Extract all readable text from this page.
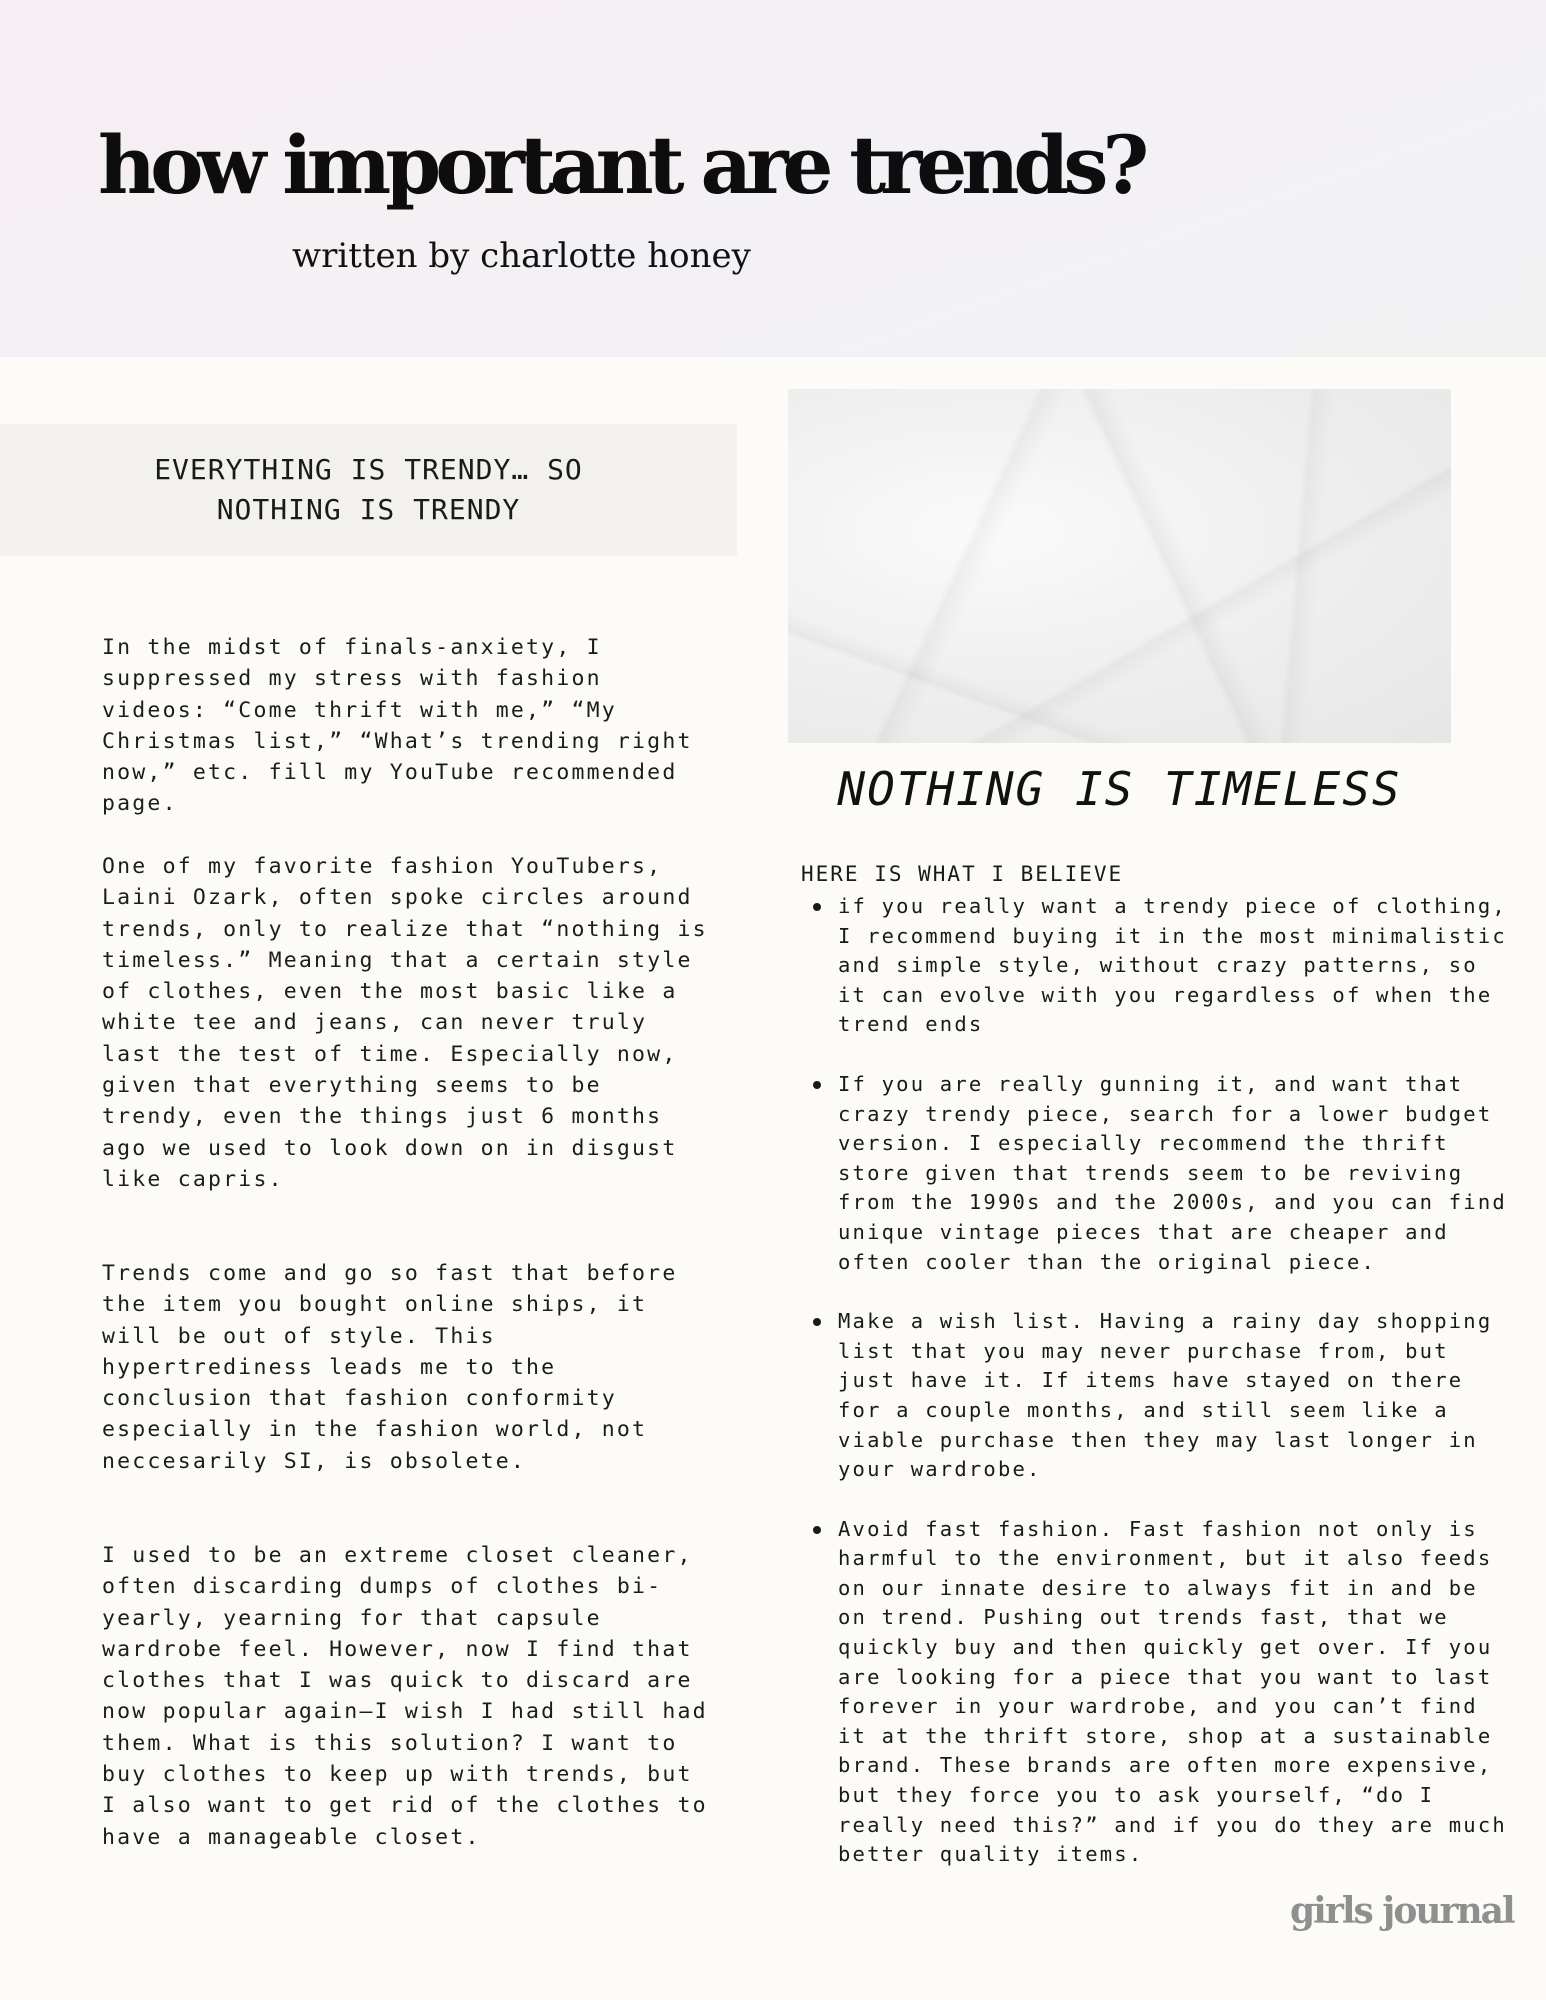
how important are trends?
written by charlotte honey
EVERYTHING IS TRENDY… SO
NOTHING IS TRENDY

In the midst of finals-anxiety, I suppressed my stress with fashion videos: “Come thrift with me,” “My Christmas list,” “What’s trending right now,” etc. fill my YouTube recommended page.

One of my favorite fashion YouTubers, Laini Ozark, often spoke circles around trends, only to realize that “nothing is timeless.” Meaning that a certain style of clothes, even the most basic like a white tee and jeans, can never truly last the test of time. Especially now, given that everything seems to be trendy, even the things just 6 months ago we used to look down on in disgust like capris.

Trends come and go so fast that before the item you bought online ships, it will be out of style. This hypertrediness leads me to the conclusion that fashion conformity especially in the fashion world, not neccesarily SI, is obsolete.

I used to be an extreme closet cleaner, often discarding dumps of clothes bi-yearly, yearning for that capsule wardrobe feel. However, now I find that clothes that I was quick to discard are now popular again—I wish I had still had them. What is this solution? I want to buy clothes to keep up with trends, but I also want to get rid of the clothes to have a manageable closet.

NOTHING IS TIMELESS
HERE IS WHAT I BELIEVE
if you really want a trendy piece of clothing, I recommend buying it in the most minimalistic and simple style, without crazy patterns, so it can evolve with you regardless of when the trend ends
If you are really gunning it, and want that crazy trendy piece, search for a lower budget version. I especially recommend the thrift store given that trends seem to be reviving from the 1990s and the 2000s, and you can find unique vintage pieces that are cheaper and often cooler than the original piece.
Make a wish list. Having a rainy day shopping list that you may never purchase from, but just have it. If items have stayed on there for a couple months, and still seem like a viable purchase then they may last longer in your wardrobe.
Avoid fast fashion. Fast fashion not only is harmful to the environment, but it also feeds on our innate desire to always fit in and be on trend. Pushing out trends fast, that we quickly buy and then quickly get over. If you are looking for a piece that you want to last forever in your wardrobe, and you can’t find it at the thrift store, shop at a sustainable brand. These brands are often more expensive, but they force you to ask yourself, “do I really need this?” and if you do they are much better quality items.
girls journal
